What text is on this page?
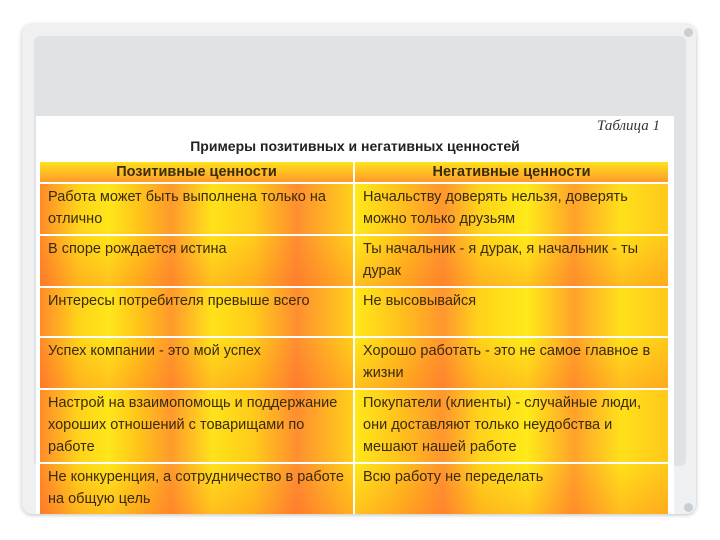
Таблица 1
Примеры позитивных и негативных ценностей
Позитивные ценности	Негативные ценности
Работа может быть выполнена только на отлично	Начальству доверять нельзя, доверять можно только друзьям
В споре рождается истина	Ты начальник - я дурак, я начальник - ты дурак
Интересы потребителя превыше всего	Не высовывайся
Успех компании - это мой успех	Хорошо работать - это не самое главное в жизни
Настрой на взаимопомощь и поддержание хороших отношений с товарищами по работе	Покупатели (клиенты) - случайные люди, они доставляют только неудобства и мешают нашей работе
Не конкуренция, а сотрудничество в работе на общую цель	Всю работу не переделать
